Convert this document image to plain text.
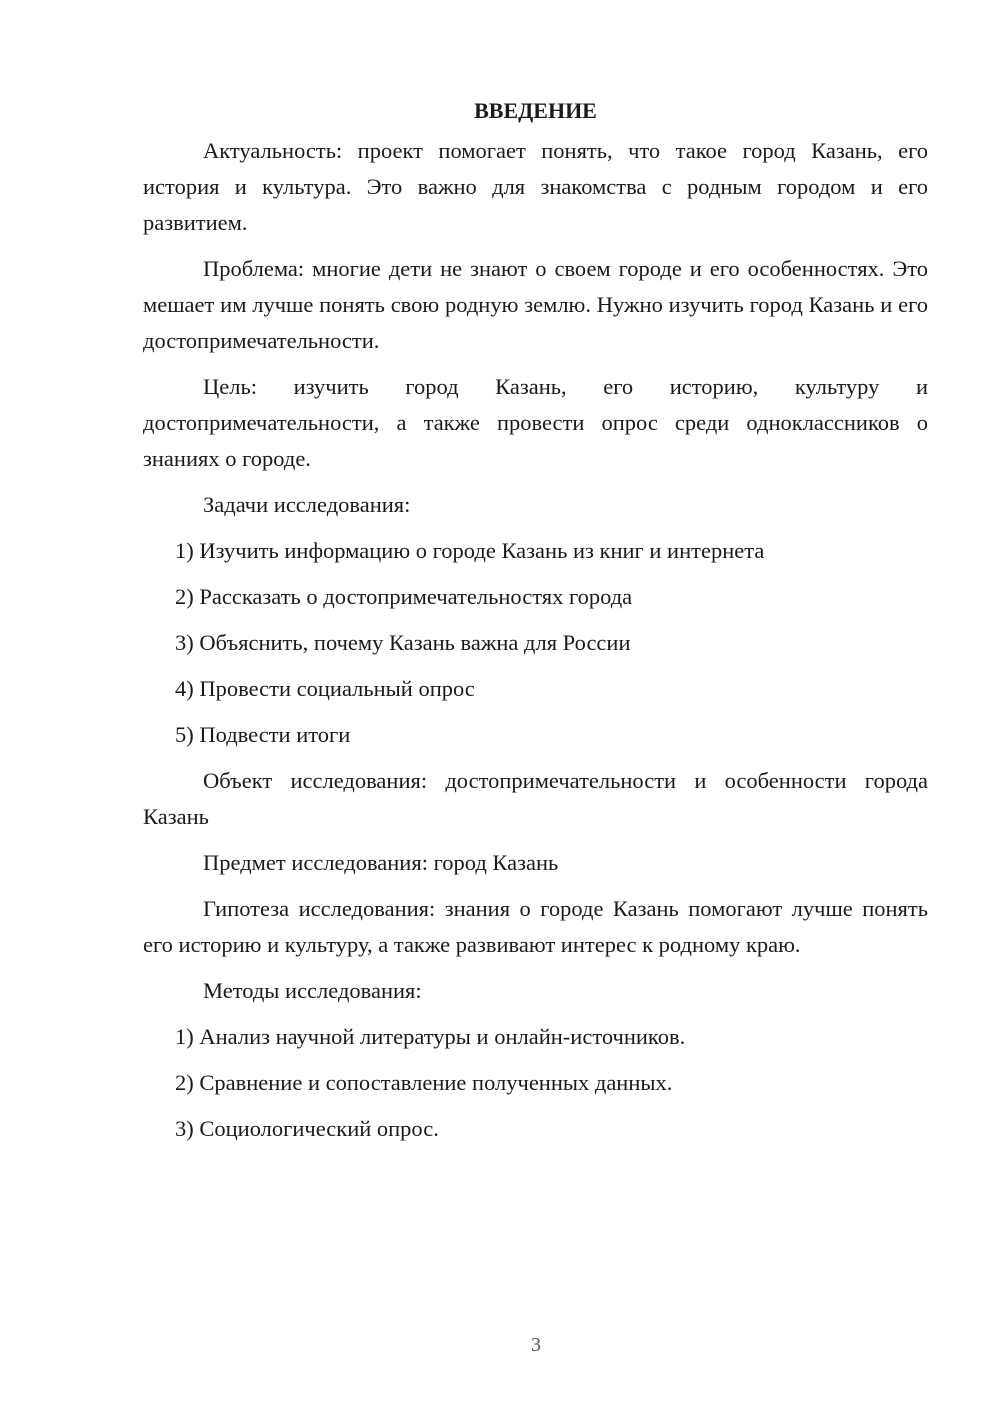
ВВЕДЕНИЕ

Актуальность: проект помогает понять, что такое город Казань, его история и культура. Это важно для знакомства с родным городом и его развитием.

Проблема: многие дети не знают о своем городе и его особенностях. Это мешает им лучше понять свою родную землю. Нужно изучить город Казань и его достопримечательности.

Цель: изучить город Казань, его историю, культуру и достопримечательности, а также провести опрос среди одноклассников о знаниях о городе.

Задачи исследования:

1) Изучить информацию о городе Казань из книг и интернета
2) Рассказать о достопримечательностях города
3) Объяснить, почему Казань важна для России
4) Провести социальный опрос
5) Подвести итоги

Объект исследования: достопримечательности и особенности города Казань

Предмет исследования: город Казань

Гипотеза исследования: знания о городе Казань помогают лучше понять его историю и культуру, а также развивают интерес к родному краю.

Методы исследования:

1) Анализ научной литературы и онлайн-источников.
2) Сравнение и сопоставление полученных данных.
3) Социологический опрос.
3
